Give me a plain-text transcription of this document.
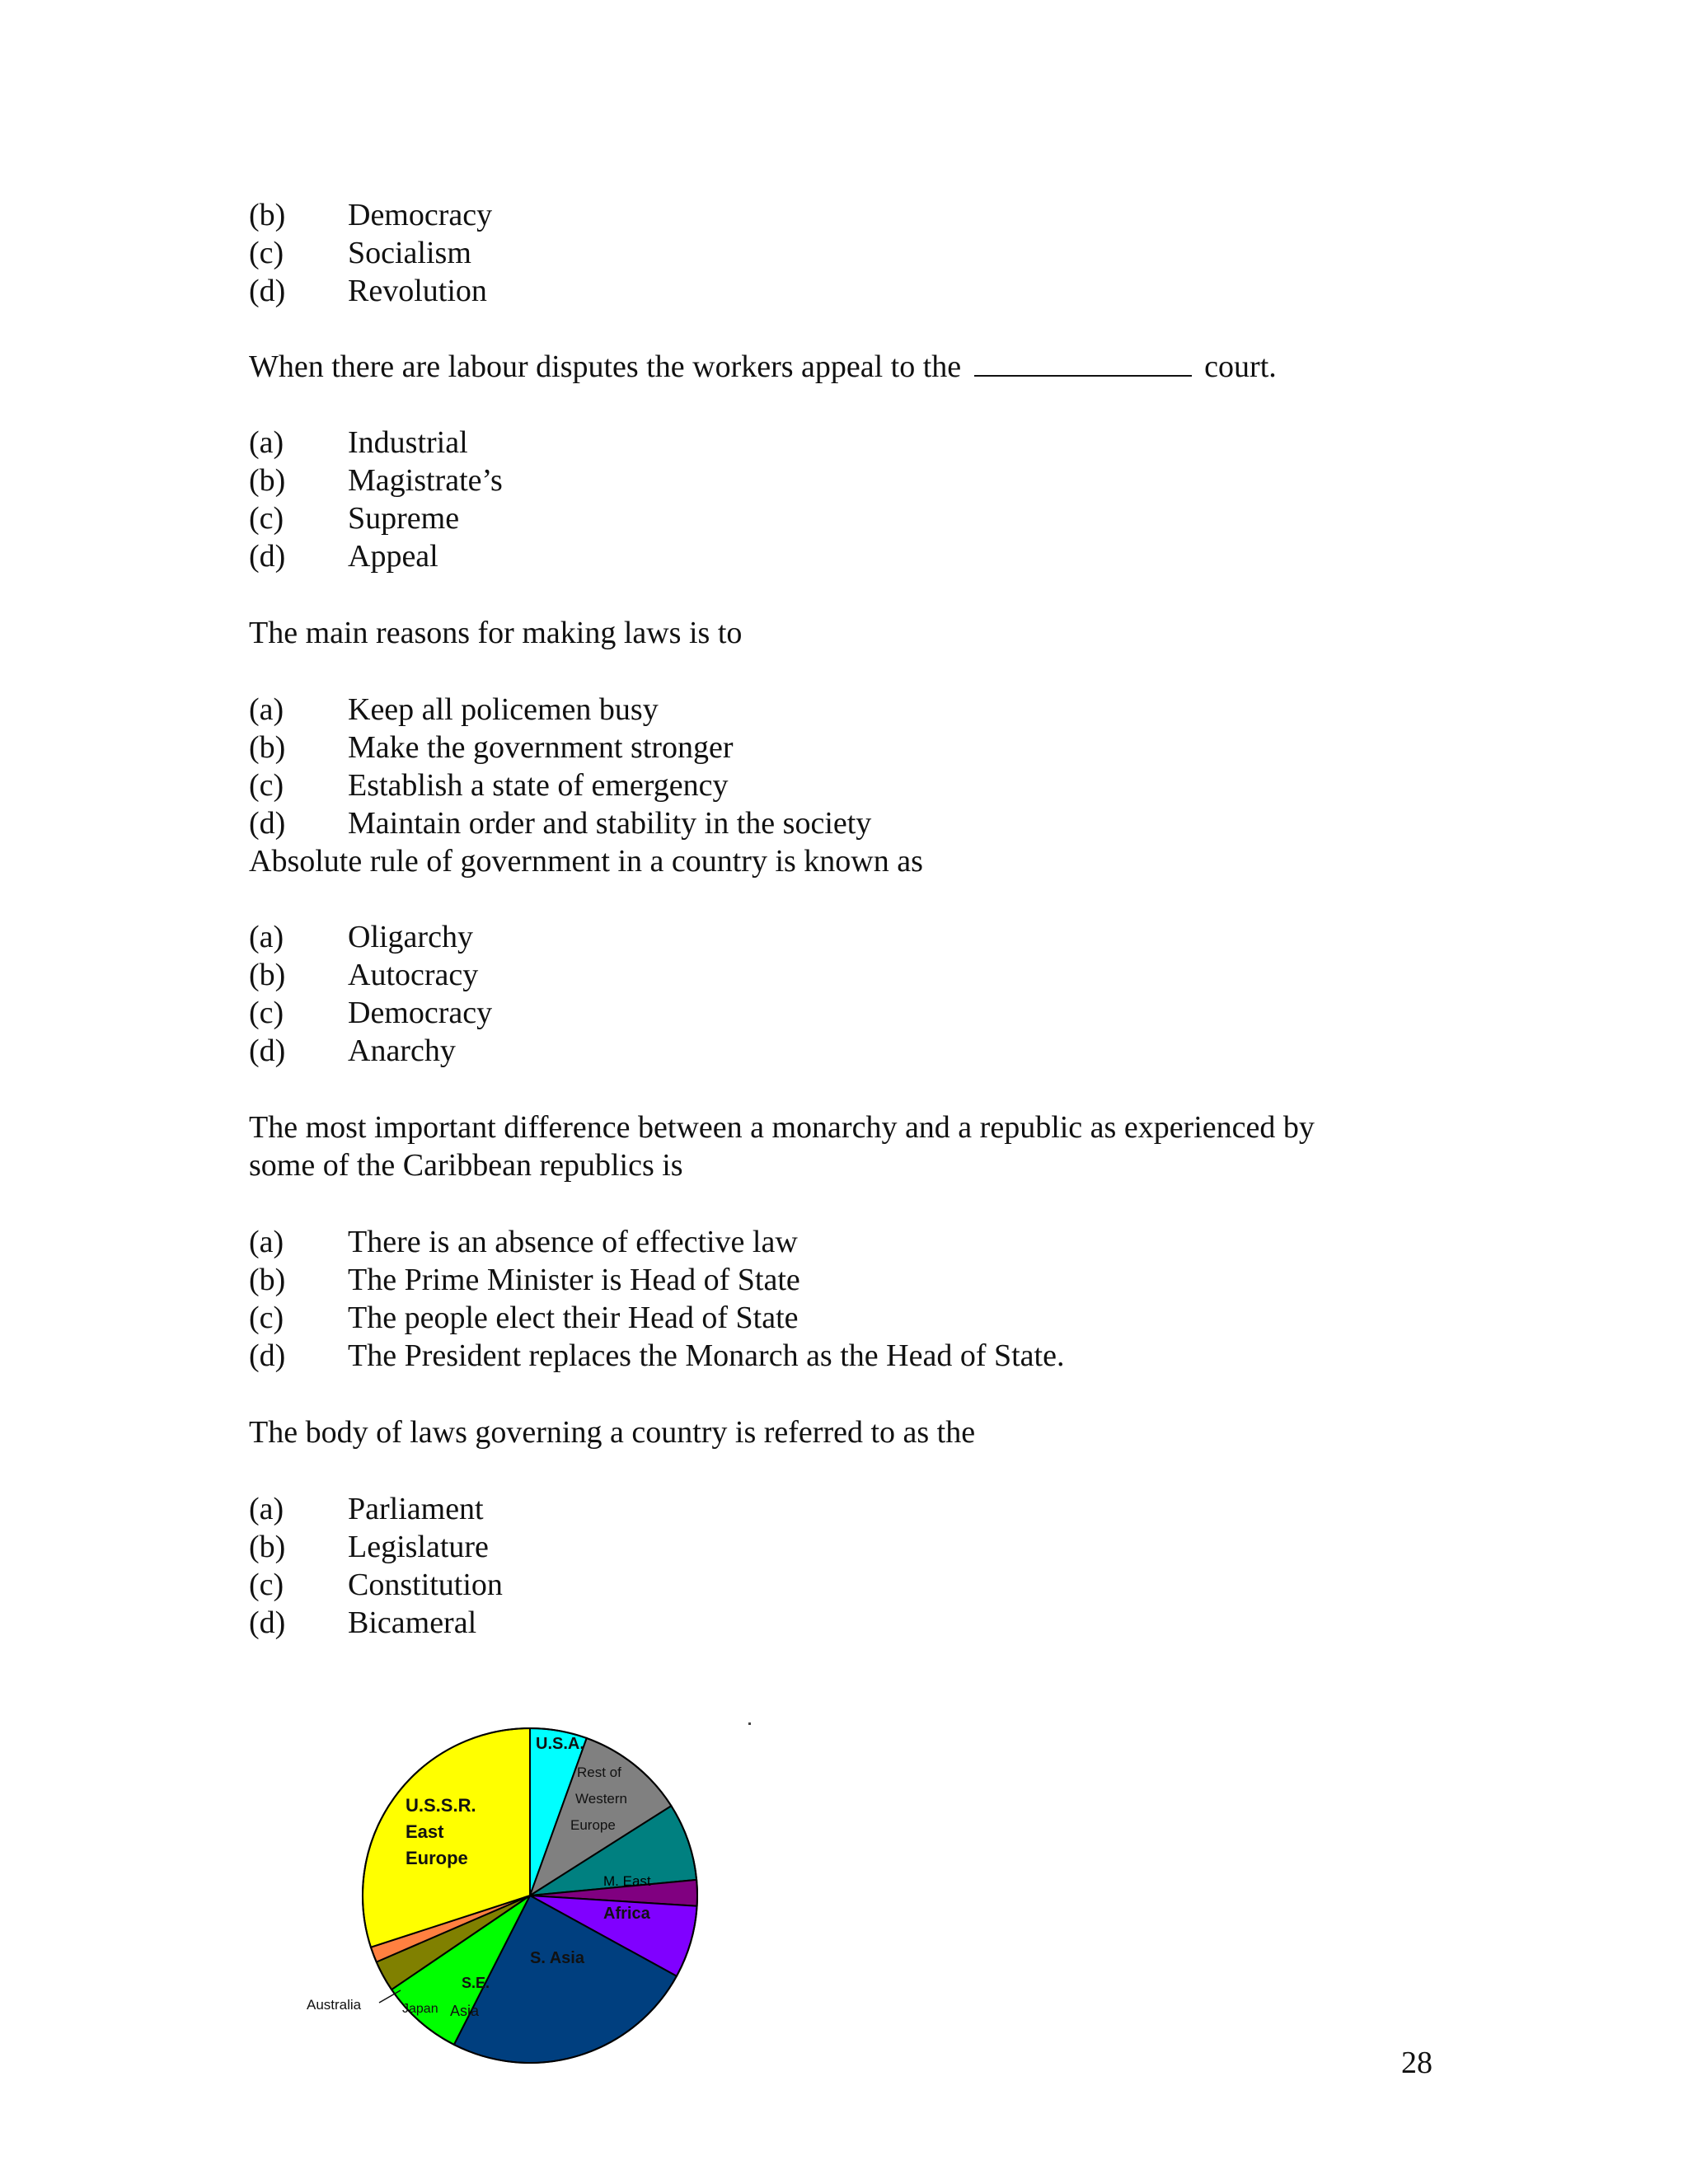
(b)	Democracy
(c)	Socialism
(d)	Revolution

When there are labour disputes the workers appeal to the	court.

(a)	Industrial
(b)	Magistrate’s
(c)	Supreme
(d)	Appeal

The main reasons for making laws is to

(a)	Keep all policemen busy
(b)	Make the government stronger
(c)	Establish a state of emergency
(d)	Maintain order and stability in the society

Absolute rule of government in a country is known as

(a)	Oligarchy
(b)	Autocracy
(c)	Democracy
(d)	Anarchy

The most important difference between a monarchy and a republic as experienced by

some of the Caribbean republics is

(a)	There is an absence of effective law
(b)	The Prime Minister is Head of State
(c)	The people elect their Head of State
(d)	The President replaces the Monarch as the Head of State.

The body of laws governing a country is referred to as the

(a)	Parliament
(b)	Legislature
(c)	Constitution
(d)	Bicameral
U.S.A.
Rest of
Western
Europe
M. East
Africa
S. Asia
S.E.
Asia
Japan
Australia
U.S.S.R.
East
Europe
28
